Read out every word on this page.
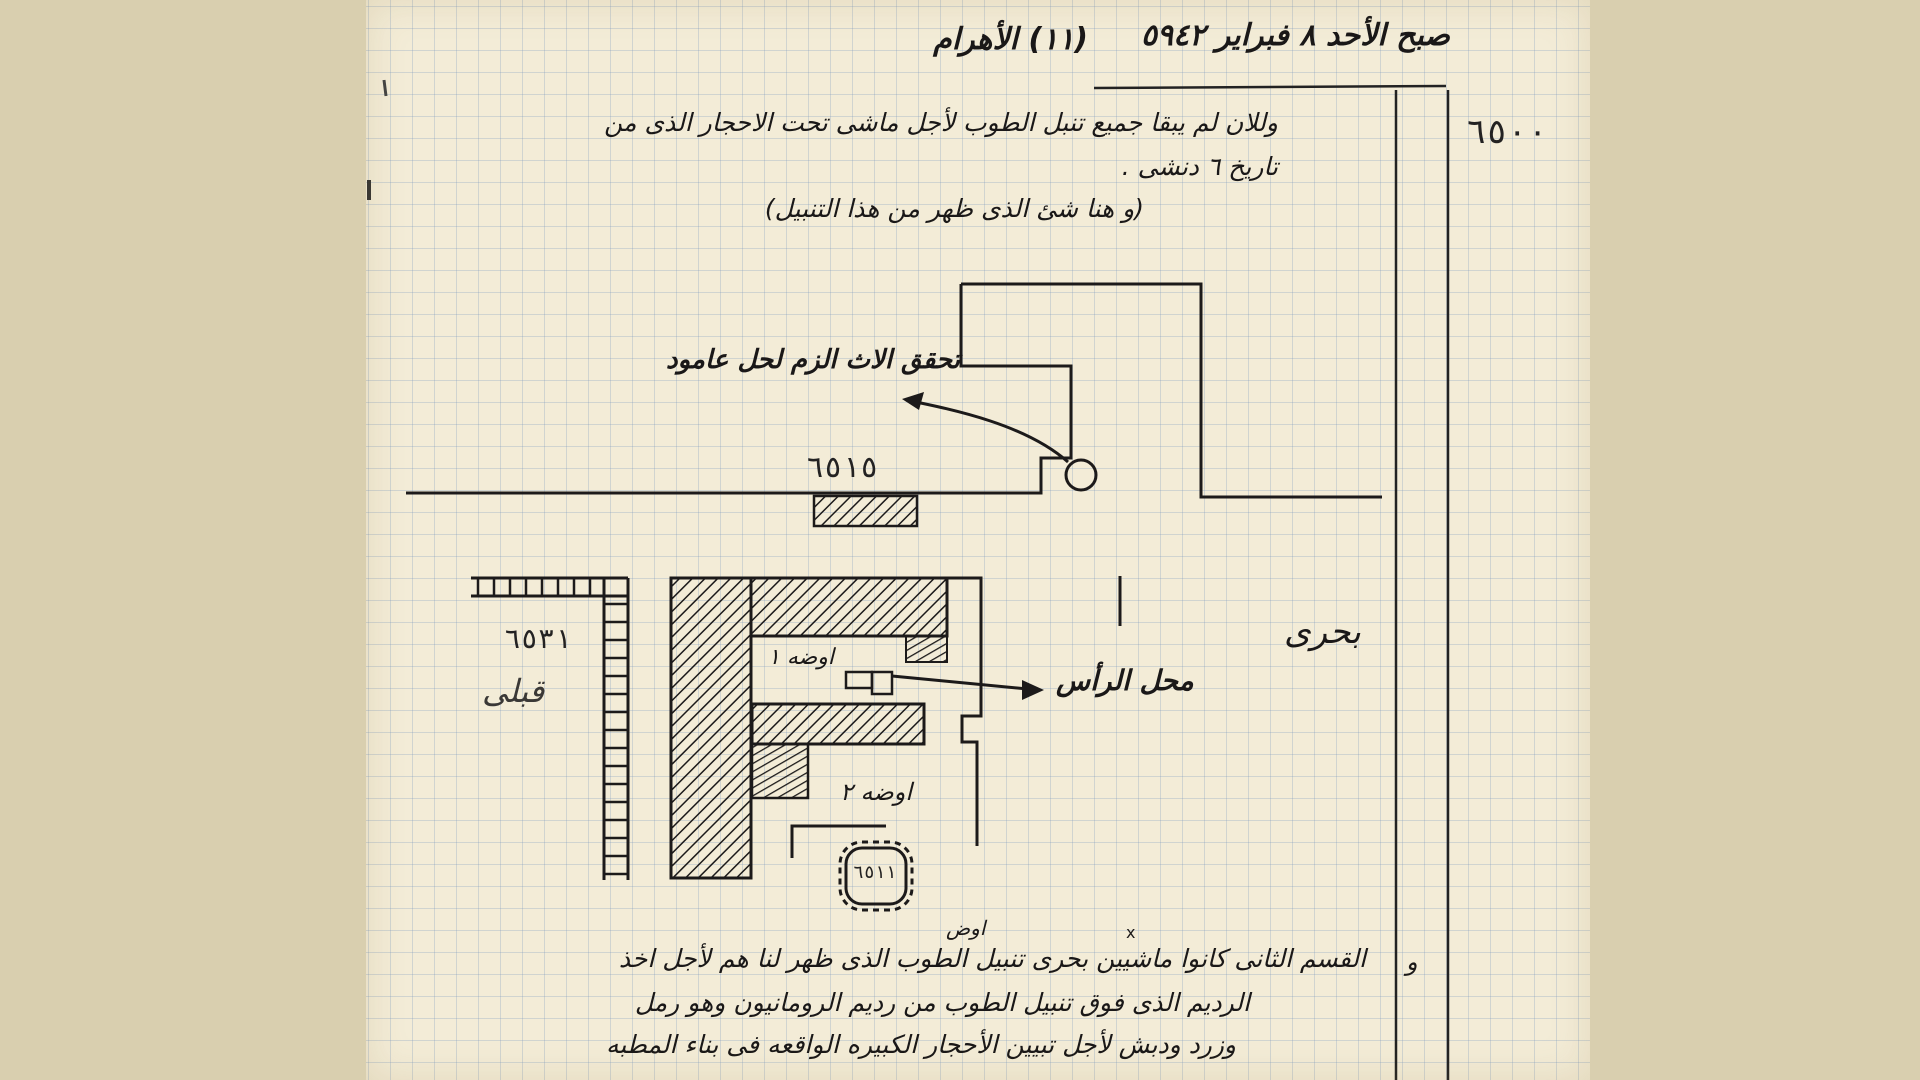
صبح الأحد ٨ فبراير ٥٩٤٢
(١١) الأهرام
٦٥٠٠
بحرى
و
وللان لم يبقا جميع تنبل الطوب لأجل ماشى تحت الاحجار الذى من
تاريخ ٦ دنشى .
(و هنا شئ الذى ظهر من هذا التنبيل)
x
تحقق الاث الزم لحل عامود
٦٥١٥
٦٥٣١
قبلى
اوضه ١
اوضه ٢
محل الرأس
٦٥١١
اوض
القسم الثانى كانوا ماشيين بحرى تنبيل الطوب الذى ظهر لنا هم لأجل اخذ
الرديم الذى فوق تنبيل الطوب من رديم الرومانيون وهو رمل
وزرد ودبش لأجل تبيين الأحجار الكبيره الواقعه فى بناء المطبه
